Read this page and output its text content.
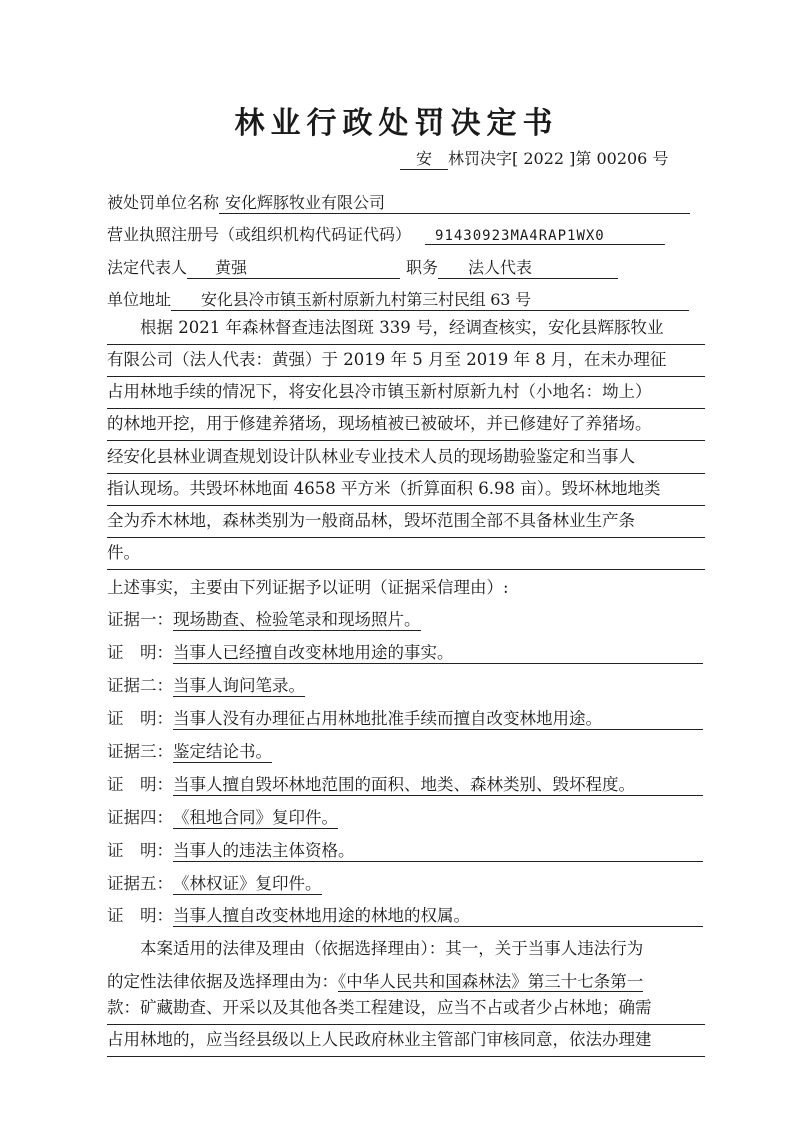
林业行政处罚决定书
安 林罚决字[ 2022 ]第 00206 号
被处罚单位名称 安化辉豚牧业有限公司
营业执照注册号（或组织机构代码证代码） 91430923MA4RAP1WX0
法定代表人 黄强	职务 法人代表
单位地址 安化县冷市镇玉新村原新九村第三村民组 63 号
　　根据 2021 年森林督查违法图斑 339 号，经调查核实，安化县辉豚牧业
有限公司（法人代表：黄强）于 2019 年 5 月至 2019 年 8 月，在未办理征
占用林地手续的情况下，将安化县冷市镇玉新村原新九村（小地名：坳上）
的林地开挖，用于修建养猪场，现场植被已被破坏，并已修建好了养猪场。
经安化县林业调查规划设计队林业专业技术人员的现场勘验鉴定和当事人
指认现场。共毁坏林地面 4658 平方米（折算面积 6.98 亩）。毁坏林地地类
全为乔木林地，森林类别为一般商品林，毁坏范围全部不具备林业生产条
件。
上述事实，主要由下列证据予以证明（证据采信理由）:
证据一：现场勘查、检验笔录和现场照片。
证　明：当事人已经擅自改变林地用途的事实。
证据二：当事人询问笔录。
证　明：当事人没有办理征占用林地批准手续而擅自改变林地用途。
证据三：鉴定结论书。
证　明：当事人擅自毁坏林地范围的面积、地类、森林类别、毁坏程度。
证据四：《租地合同》复印件。
证　明：当事人的违法主体资格。
证据五：《林权证》复印件。
证　明：当事人擅自改变林地用途的林地的权属。
　　本案适用的法律及理由（依据选择理由）：其一，关于当事人违法行为
的定性法律依据及选择理由为：《中华人民共和国森林法》第三十七条第一
款：矿藏勘查、开采以及其他各类工程建设，应当不占或者少占林地；确需
占用林地的，应当经县级以上人民政府林业主管部门审核同意，依法办理建
